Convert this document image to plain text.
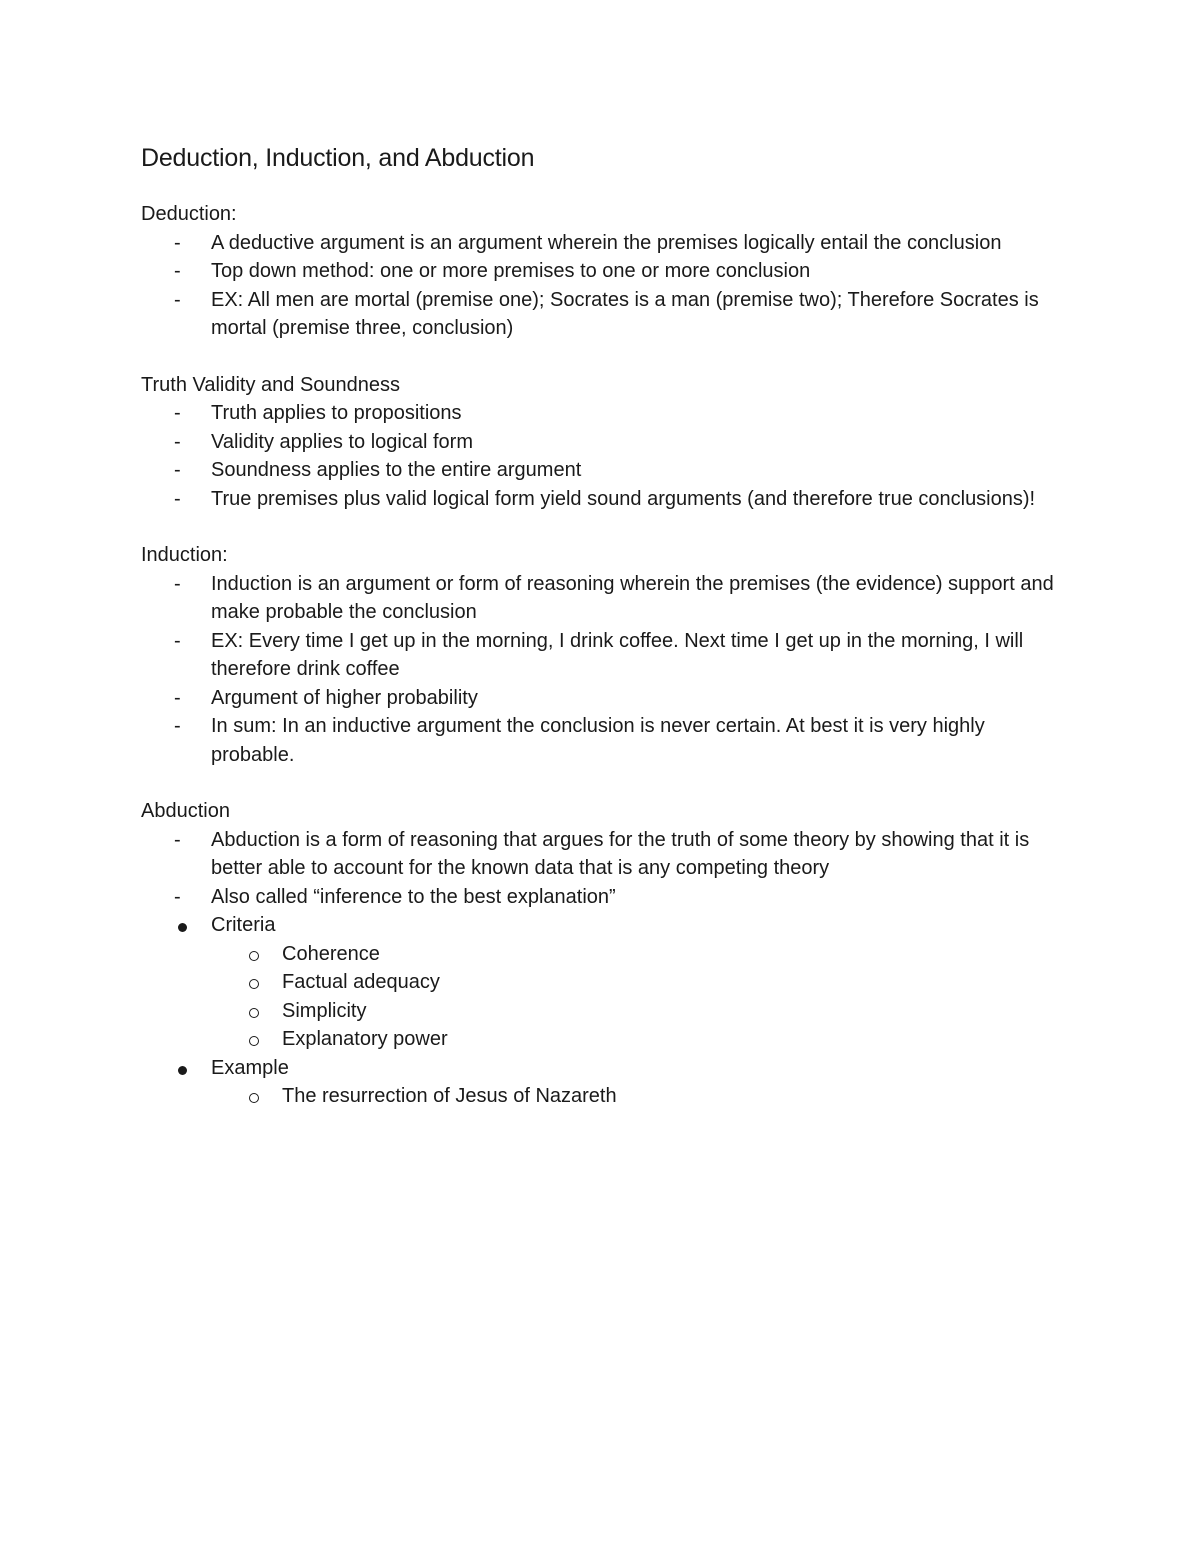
Deduction, Induction, and Abduction

Deduction:

-
A deductive argument is an argument wherein the premises logically entail the conclusion
-
Top down method: one or more premises to one or more conclusion
-
EX: All men are mortal (premise one); Socrates is a man (premise two); Therefore Socrates is mortal (premise three, conclusion)

Truth Validity and Soundness

-
Truth applies to propositions
-
Validity applies to logical form
-
Soundness applies to the entire argument
-
True premises plus valid logical form yield sound arguments (and therefore true conclusions)!

Induction:

-
Induction is an argument or form of reasoning wherein the premises (the evidence) support and make probable the conclusion
-
EX: Every time I get up in the morning, I drink coffee. Next time I get up in the morning, I will therefore drink coffee
-
Argument of higher probability
-
In sum: In an inductive argument the conclusion is never certain. At best it is very highly probable.

Abduction

-
Abduction is a form of reasoning that argues for the truth of some theory by showing that it is better able to account for the known data that is any competing theory
-
Also called “inference to the best explanation”
Criteria
Coherence
Factual adequacy
Simplicity
Explanatory power
Example
The resurrection of Jesus of Nazareth
